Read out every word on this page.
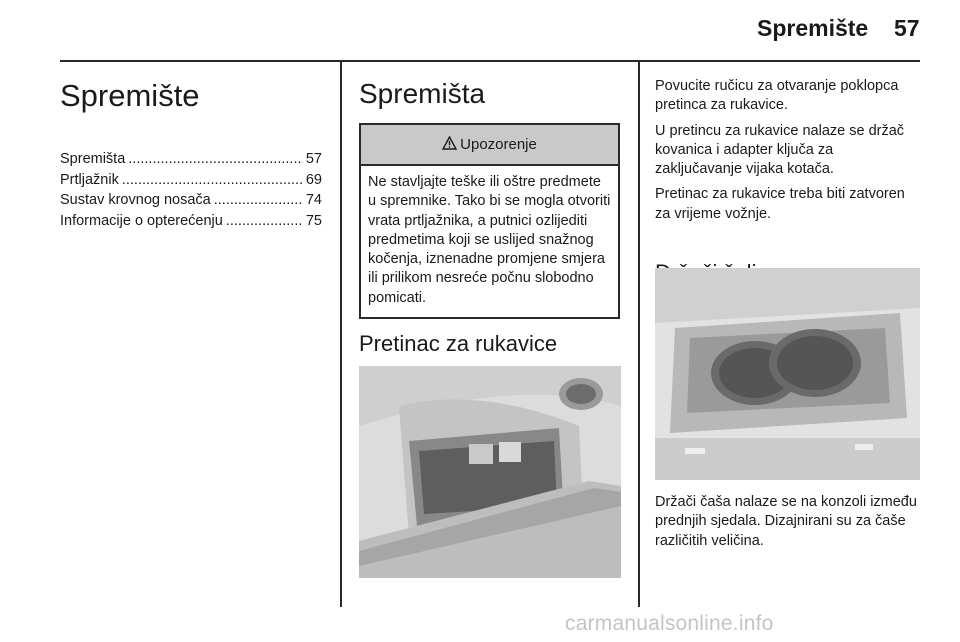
Spremište 57
Spremište
Spremišta .....	57
Prtljažnik .....	69
Sustav krovnog nosača .....	74
Informacije o opterećenju .....	75
Spremišta
Upozorenje
Ne stavljajte teške ili oštre predmete u spremnike. Tako bi se mogla otvoriti vrata prtljažnika, a putnici ozlijediti predmetima koji se uslijed snažnog kočenja, iznenadne promjene smjera ili prilikom nesreće počnu slobodno pomicati.
Pretinac za rukavice

Povucite ručicu za otvaranje poklopca pretinca za rukavice.

U pretincu za rukavice nalaze se držač kovanica i adapter ključa za zaključavanje vijaka kotača.

Pretinac za rukavice treba biti zatvoren za vrijeme vožnje.

Držači čaša nalaze se na konzoli između prednjih sjedala. Dizajnirani su za čaše različitih veličina.
carmanualsonline.info
